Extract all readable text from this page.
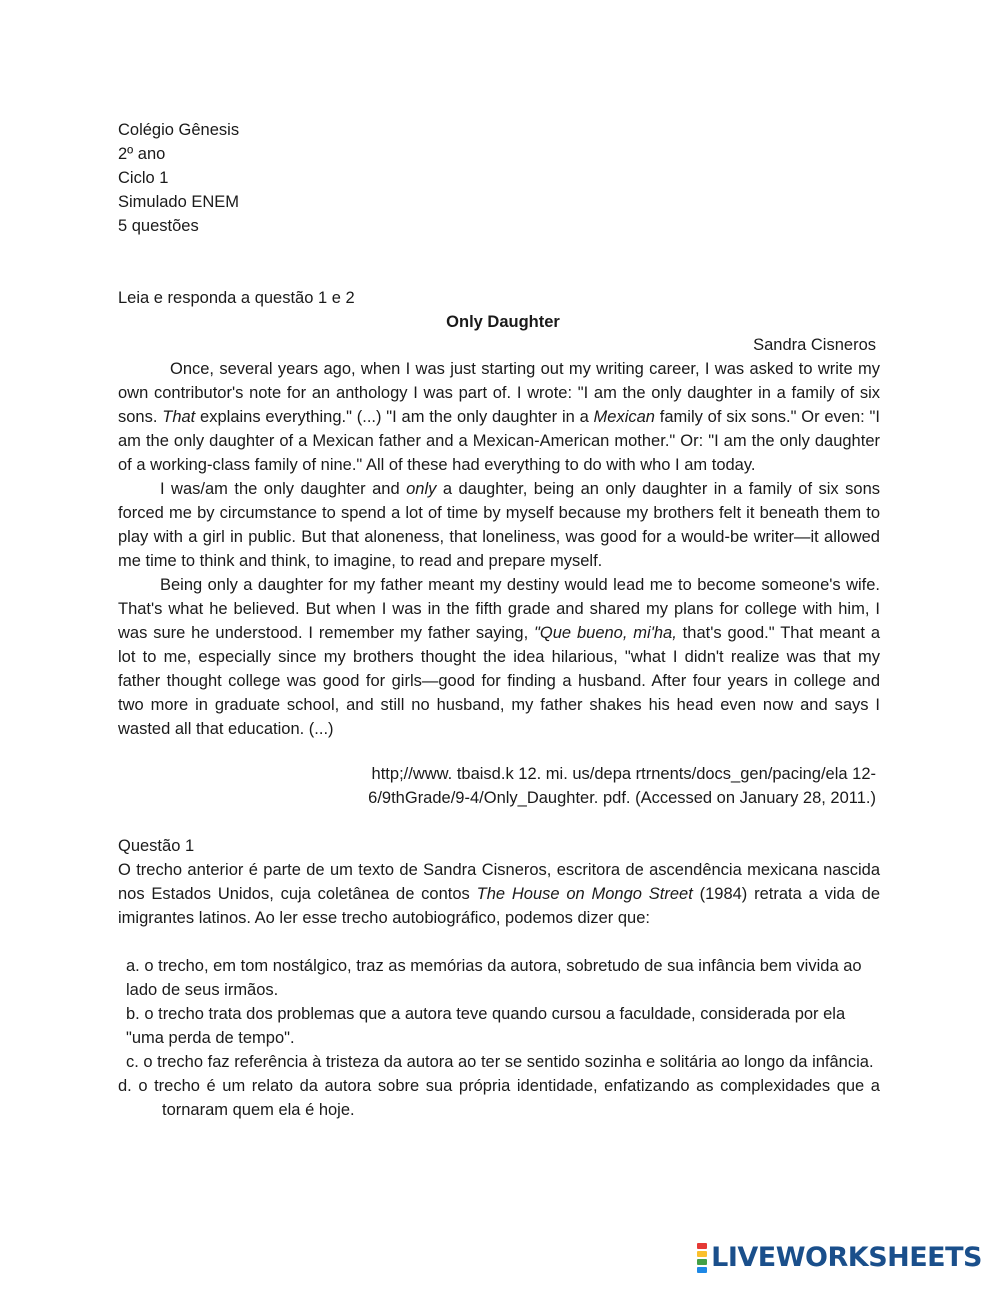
Colégio Gênesis
2º ano
Ciclo 1
Simulado ENEM
5 questões
Leia e responda a questão 1 e 2
Only Daughter
Sandra Cisneros

Once, several years ago, when I was just starting out my writing career, I was asked to write my own contributor's note for an anthology I was part of. I wrote: "I am the only daughter in a family of six sons. That explains everything." (...) "I am the only daughter in a Mexican family of six sons." Or even: "I am the only daughter of a Mexican father and a Mexican-American mother." Or: "I am the only daughter of a working-class family of nine." All of these had everything to do with who I am today.

I was/am the only daughter and only a daughter, being an only daughter in a family of six sons forced me by circumstance to spend a lot of time by myself because my brothers felt it beneath them to play with a girl in public. But that aloneness, that loneliness, was good for a would-be writer—it allowed me time to think and think, to imagine, to read and prepare myself.

Being only a daughter for my father meant my destiny would lead me to become someone's wife. That's what he believed. But when I was in the fifth grade and shared my plans for college with him, I was sure he understood. I remember my father saying, "Que bueno, mi'ha, that's good." That meant a lot to me, especially since my brothers thought the idea hilarious, "what I didn't realize was that my father thought college was good for girls—good for finding a husband. After four years in college and two more in graduate school, and still no husband, my father shakes his head even now and says I wasted all that education. (...)

http;//www. tbaisd.k 12. mi. us/depa rtrnents/docs_gen/pacing/ela 12-
6/9thGrade/9-4/Only_Daughter. pdf. (Accessed on January 28, 2011.)
Questão 1
O trecho anterior é parte de um texto de Sandra Cisneros, escritora de ascendência mexicana nascida nos Estados Unidos, cuja coletânea de contos The House on Mongo Street (1984) retrata a vida de imigrantes latinos. Ao ler esse trecho autobiográfico, podemos dizer que:

a. o trecho, em tom nostálgico, traz as memórias da autora, sobretudo de sua infância bem vivida ao lado de seus irmãos.

b. o trecho trata dos problemas que a autora teve quando cursou a faculdade, considerada por ela "uma perda de tempo".

c. o trecho faz referência à tristeza da autora ao ter se sentido sozinha e solitária ao longo da infância.

d. o trecho é um relato da autora sobre sua própria identidade, enfatizando as complexidades que a tornaram quem ela é hoje.

LIVEWORKSHEETS
